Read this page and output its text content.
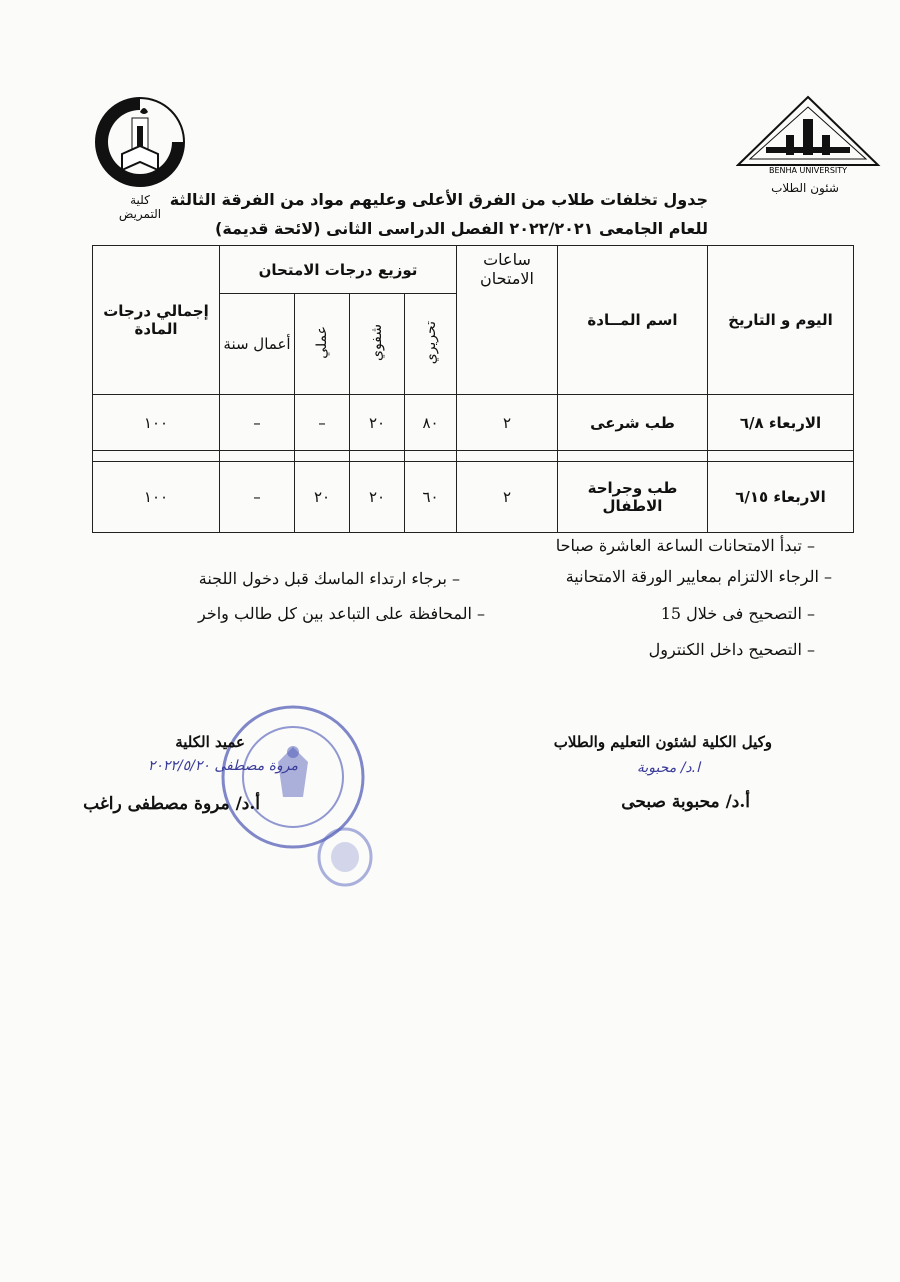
كلية التمريض
BENHA UNIVERSITY
شئون الطلاب
جدول تخلفات طلاب من الفرق الأعلى وعليهم مواد من الفرقة الثالثة
للعام الجامعى ٢٠٢٢/٢٠٢١ الفصل الدراسى الثانى (لائحة قديمة)
اليوم و التاريخ	اسم المــادة	ساعات الامتحان	توزيع درجات الامتحان				إجمالي درجات المادة
			تحريري	شفوي	عملي	أعمال سنة	
الاربعاء ٦/٨	طب شرعى	٢	٨٠	٢٠	–	–	١٠٠

الاربعاء ٦/١٥	طب وجراحة الاطفال	٢	٦٠	٢٠	٢٠	–	١٠٠
– تبدأ الامتحانات الساعة العاشرة صباحا
– الرجاء الالتزام بمعايير الورقة الامتحانية
– التصحيح فى خلال 15
– التصحيح داخل الكنترول
– برجاء ارتداء الماسك قبل دخول اللجنة
– المحافظة على التباعد بين كل طالب واخر
وكيل الكلية لشئون التعليم والطلاب
ا.د/ محبوبة
أ.د/ محبوبة صبحى
عميد الكلية
مروة مصطفى ٢٠٢٢/٥/٢٠
أ.د/ مروة مصطفى راغب
